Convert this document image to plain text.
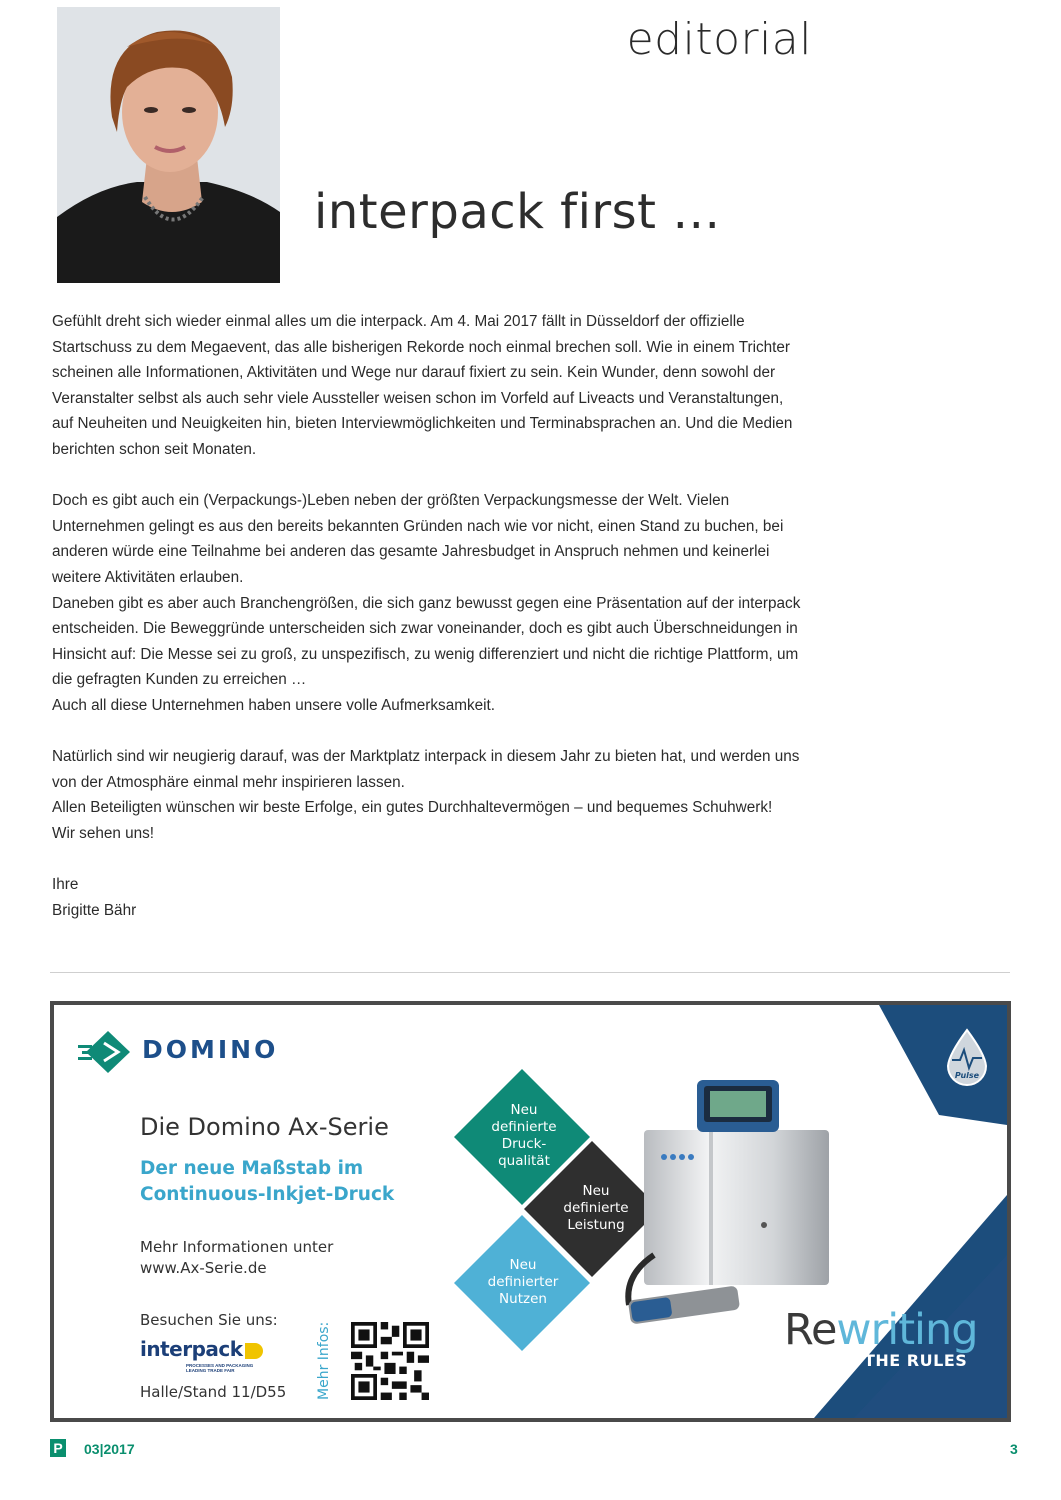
editorial
interpack first …

Gefühlt dreht sich wieder einmal alles um die interpack. Am 4. Mai 2017 fällt in Düsseldorf der offizielle Startschuss zu dem Megaevent, das alle bisherigen Rekorde noch einmal brechen soll. Wie in einem Trichter scheinen alle Informationen, Aktivitäten und Wege nur darauf fixiert zu sein. Kein Wunder, denn sowohl der Veranstalter selbst als auch sehr viele Aussteller weisen schon im Vorfeld auf Liveacts und Veranstaltungen, auf Neuheiten und Neuigkeiten hin, bieten Interviewmöglichkeiten und Terminabsprachen an. Und die Medien berichten schon seit Monaten.

Doch es gibt auch ein (Verpackungs-)Leben neben der größten Verpackungsmesse der Welt. Vielen Unternehmen gelingt es aus den bereits bekannten Gründen nach wie vor nicht, einen Stand zu buchen, bei anderen würde eine Teilnahme bei anderen das gesamte Jahresbudget in Anspruch nehmen und keinerlei weitere Aktivitäten erlauben.

Daneben gibt es aber auch Branchengrößen, die sich ganz bewusst gegen eine Präsentation auf der interpack entscheiden. Die Beweggründe unterscheiden sich zwar voneinander, doch es gibt auch Überschneidungen in Hinsicht auf: Die Messe sei zu groß, zu unspezifisch, zu wenig differenziert und nicht die richtige Plattform, um die gefragten Kunden zu erreichen …

Auch all diese Unternehmen haben unsere volle Aufmerksamkeit.

Natürlich sind wir neugierig darauf, was der Marktplatz interpack in diesem Jahr zu bieten hat, und werden uns von der Atmosphäre einmal mehr inspirieren lassen.

Allen Beteiligten wünschen wir beste Erfolge, ein gutes Durchhaltevermögen – und bequemes Schuhwerk!

Wir sehen uns!

Ihre

Brigitte Bähr

DOMINO
Die Domino Ax-Serie
Der neue Maßstab im
Continuous-Inkjet-Druck
Mehr Informationen unter
www.Ax-Serie.de
Besuchen Sie uns:
interpack
PROCESSES AND PACKAGING LEADING TRADE FAIR
Halle/Stand 11/D55 Mehr Infos:
Neu
definierte
Druck-
qualität
Neu
definierte
Leistung
Neu
definierter
Nutzen
Pulse
Rewriting
THE RULES
P 03|2017	3
